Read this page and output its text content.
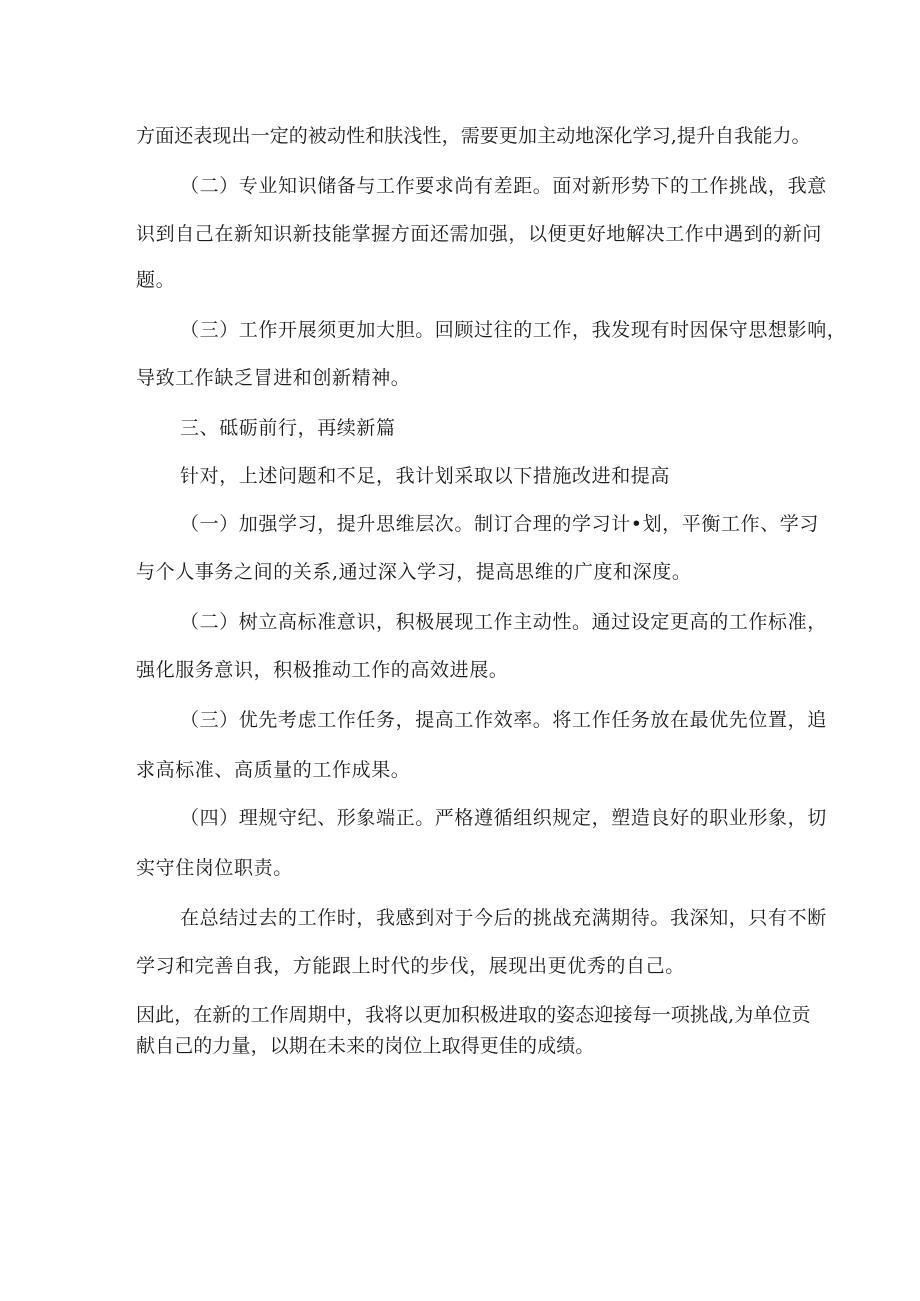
方面还表现出一定的被动性和肤浅性，需要更加主动地深化学习,提升自我能力。

（二）专业知识储备与工作要求尚有差距。面对新形势下的工作挑战，我意

识到自己在新知识新技能掌握方面还需加强，以便更好地解决工作中遇到的新问

题。

（三）工作开展须更加大胆。回顾过往的工作，我发现有时因保守思想影响，

导致工作缺乏冒进和创新精神。

三、砥砺前行，再续新篇

针对，上述问题和不足，我计划采取以下措施改进和提高

（一）加强学习，提升思维层次。制订合理的学习计•划，平衡工作、学习

与个人事务之间的关系,通过深入学习，提高思维的广度和深度。

（二）树立高标准意识，积极展现工作主动性。通过设定更高的工作标准，

强化服务意识，积极推动工作的高效进展。

（三）优先考虑工作任务，提高工作效率。将工作任务放在最优先位置，追

求高标准、高质量的工作成果。

（四）理规守纪、形象端正。严格遵循组织规定，塑造良好的职业形象，切

实守住岗位职责。

在总结过去的工作时，我感到对于今后的挑战充满期待。我深知，只有不断

学习和完善自我，方能跟上时代的步伐，展现出更优秀的自己。

因此，在新的工作周期中，我将以更加积极进取的姿态迎接每一项挑战,为单位贡

献自己的力量，以期在未来的岗位上取得更佳的成绩。
